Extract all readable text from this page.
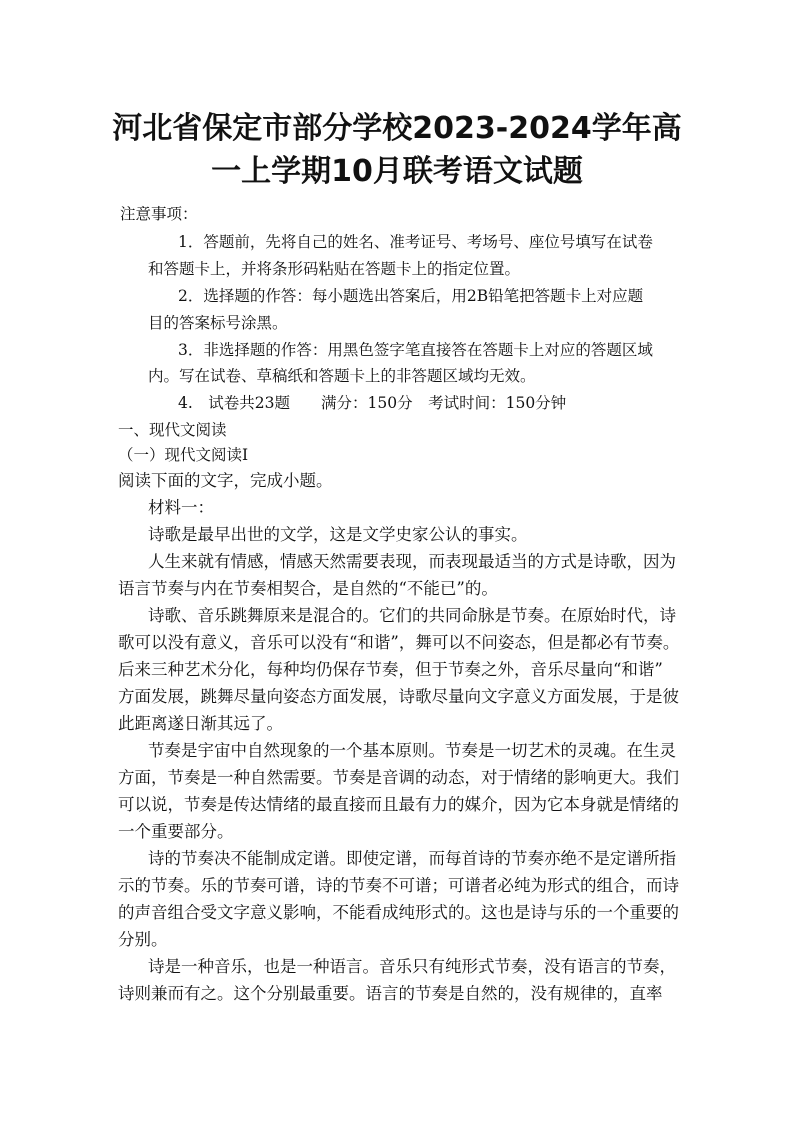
河北省保定市部分学校2023-2024学年高
一上学期10月联考语文试题
注意事项：
1．答题前，先将自己的姓名、准考证号、考场号、座位号填写在试卷
和答题卡上，并将条形码粘贴在答题卡上的指定位置。
2．选择题的作答：每小题选出答案后，用2B铅笔把答题卡上对应题
目的答案标号涂黑。
3．非选择题的作答：用黑色签字笔直接答在答题卡上对应的答题区域
内。写在试卷、草稿纸和答题卡上的非答题区域均无效。
4.　试卷共23题　　满分：150分　考试时间：150分钟
一、现代文阅读
（一）现代文阅读Ⅰ
阅读下面的文字，完成小题。
材料一：
诗歌是最早出世的文学，这是文学史家公认的事实。
人生来就有情感，情感天然需要表现，而表现最适当的方式是诗歌，因为
语言节奏与内在节奏相契合，是自然的“不能已”的。
诗歌、音乐跳舞原来是混合的。它们的共同命脉是节奏。在原始时代，诗
歌可以没有意义，音乐可以没有“和谐”，舞可以不问姿态，但是都必有节奏。
后来三种艺术分化，每种均仍保存节奏，但于节奏之外，音乐尽量向“和谐”
方面发展，跳舞尽量向姿态方面发展，诗歌尽量向文字意义方面发展，于是彼
此距离遂日渐其远了。
节奏是宇宙中自然现象的一个基本原则。节奏是一切艺术的灵魂。在生灵
方面，节奏是一种自然需要。节奏是音调的动态，对于情绪的影响更大。我们
可以说，节奏是传达情绪的最直接而且最有力的媒介，因为它本身就是情绪的
一个重要部分。
诗的节奏决不能制成定谱。即使定谱，而每首诗的节奏亦绝不是定谱所指
示的节奏。乐的节奏可谱，诗的节奏不可谱；可谱者必纯为形式的组合，而诗
的声音组合受文字意义影响，不能看成纯形式的。这也是诗与乐的一个重要的
分别。
诗是一种音乐，也是一种语言。音乐只有纯形式节奏，没有语言的节奏，
诗则兼而有之。这个分别最重要。语言的节奏是自然的，没有规律的，直率
